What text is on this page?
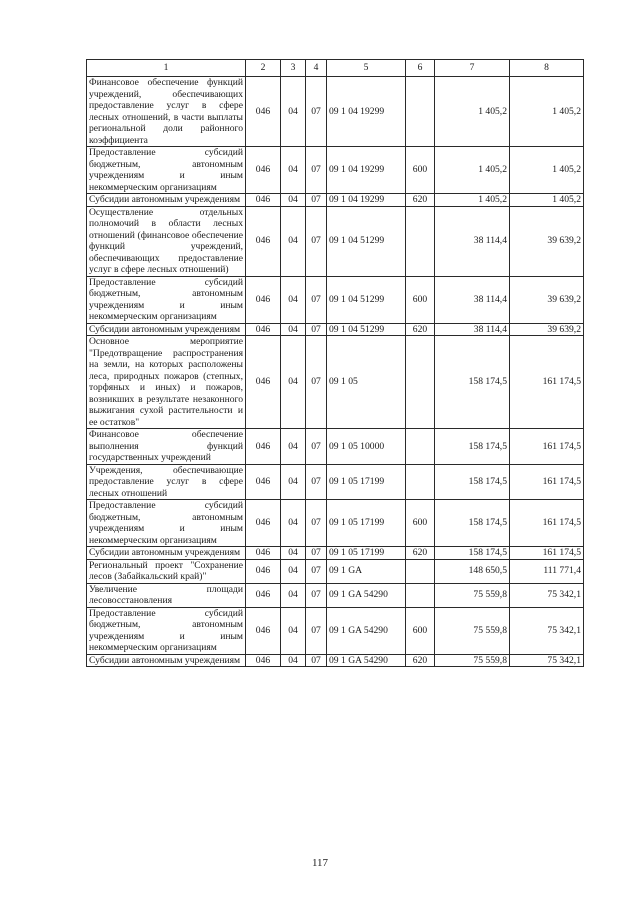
1	2	3	4	5	6	7	8
Финансовое обеспечение функций учреждений, обеспечивающих предоставление услуг в сфере лесных отношений, в части выплаты региональной доли районного коэффициента	046	04	07	09 1 04 19299		1 405,2	1 405,2
Предоставление субсидий бюджетным, автономным учреждениям и иным некоммерческим организациям	046	04	07	09 1 04 19299	600	1 405,2	1 405,2
Субсидии автономным учреждениям	046	04	07	09 1 04 19299	620	1 405,2	1 405,2
Осуществление отдельных полномочий в области лесных отношений (финансовое обеспечение функций учреждений, обеспечивающих предоставление услуг в сфере лесных отношений)	046	04	07	09 1 04 51299		38 114,4	39 639,2
Предоставление субсидий бюджетным, автономным учреждениям и иным некоммерческим организациям	046	04	07	09 1 04 51299	600	38 114,4	39 639,2
Субсидии автономным учреждениям	046	04	07	09 1 04 51299	620	38 114,4	39 639,2
Основное мероприятие "Предотвращение распространения на земли, на которых расположены леса, природных пожаров (степных, торфяных и иных) и пожаров, возникших в результате незаконного выжигания сухой растительности и ее остатков"	046	04	07	09 1 05		158 174,5	161 174,5
Финансовое обеспечение выполнения функций государственных учреждений	046	04	07	09 1 05 10000		158 174,5	161 174,5
Учреждения, обеспечивающие предоставление услуг в сфере лесных отношений	046	04	07	09 1 05 17199		158 174,5	161 174,5
Предоставление субсидий бюджетным, автономным учреждениям и иным некоммерческим организациям	046	04	07	09 1 05 17199	600	158 174,5	161 174,5
Субсидии автономным учреждениям	046	04	07	09 1 05 17199	620	158 174,5	161 174,5
Региональный проект "Сохранение лесов (Забайкальский край)"	046	04	07	09 1 GA		148 650,5	111 771,4
Увеличение площади лесовосстановления	046	04	07	09 1 GA 54290		75 559,8	75 342,1
Предоставление субсидий бюджетным, автономным учреждениям и иным некоммерческим организациям	046	04	07	09 1 GA 54290	600	75 559,8	75 342,1
Субсидии автономным учреждениям	046	04	07	09 1 GA 54290	620	75 559,8	75 342,1
117
